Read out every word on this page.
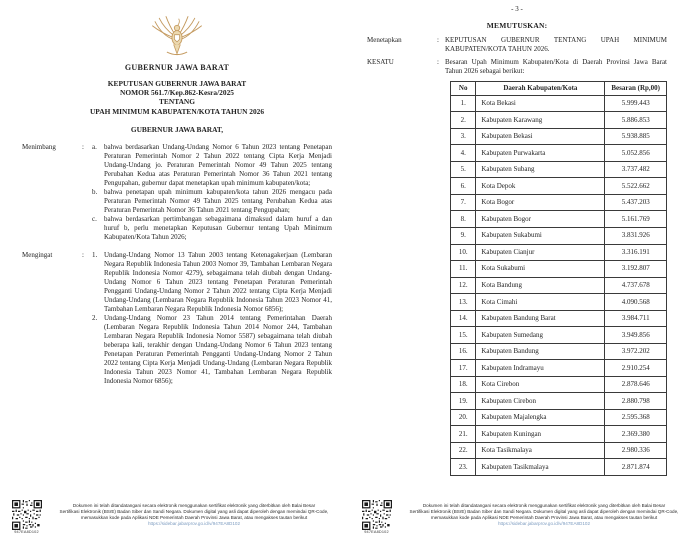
GUBERNUR JAWA BARAT
KEPUTUSAN GUBERNUR JAWA BARAT
NOMOR 561.7/Kep.862-Kesra/2025
TENTANG
UPAH MINIMUM KABUPATEN/KOTA TAHUN 2026
GUBERNUR JAWA BARAT,
Menimbang	:	a.	bahwa berdasarkan Undang-Undang Nomor 6 Tahun 2023 tentang Penetapan Peraturan Pemerintah Nomor 2 Tahun 2022 tentang Cipta Kerja Menjadi Undang-Undang jo. Peraturan Pemerintah Nomor 49 Tahun 2025 tentang Perubahan Kedua atas Peraturan Pemerintah Nomor 36 Tahun 2021 tentang Pengupahan, gubernur dapat menetapkan upah minimum kabupaten/kota;
b. bahwa penetapan upah minimum kabupaten/kota tahun 2026 mengacu pada Peraturan Pemerintah Nomor 49 Tahun 2025 tentang Perubahan Kedua atas Peraturan Pemerintah Nomor 36 Tahun 2021 tentang Pengupahan;
c.	bahwa berdasarkan pertimbangan sebagaimana dimaksud dalam huruf a dan huruf b, perlu menetapkan Keputusan Gubernur tentang Upah Minimum Kabupaten/Kota Tahun 2026;
Mengingat	:	1. Undang-Undang Nomor 13 Tahun 2003 tentang Ketenagakerjaan (Lembaran Negara Republik Indonesia Tahun 2003 Nomor 39, Tambahan Lembaran Negara Republik Indonesia Nomor 4279), sebagaimana telah diubah dengan Undang-Undang Nomor 6 Tahun 2023 tentang Penetapan Peraturan Pemerintah Pengganti Undang-Undang Nomor 2 Tahun 2022 tentang Cipta Kerja Menjadi Undang-Undang (Lembaran Negara Republik Indonesia Tahun 2023 Nomor 41, Tambahan Lembaran Negara Republik Indonesia Nomor 6856);
2. Undang-Undang Nomor 23 Tahun 2014 tentang Pemerintahan Daerah (Lembaran Negara Republik Indonesia Tahun 2014 Nomor 244, Tambahan Lembaran Negara Republik Indonesia Nomor 5587) sebagaimana telah diubah beberapa kali, terakhir dengan Undang-Undang Nomor 6 Tahun 2023 tentang Penetapan Peraturan Pemerintah Pengganti Undang-Undang Nomor 2 Tahun 2022 tentang Cipta Kerja Menjadi Undang-Undang (Lembaran Negara Republik Indonesia Tahun 2023 Nomor 41, Tambahan Lembaran Negara Republik Indonesia Nomor 6856);
947EA8D102
Dokumen ini telah ditandatangani secara elektronik menggunakan sertifikat elektronik yang diterbitkan oleh Balai Besar
Sertifikasi Elektronik (BSrE) Badan Siber dan Sandi Negara. Dokumen digital yang asli dapat diperoleh dengan memindai QR-Code,
memasukkan kode pada Aplikasi NDE Pemerintah Daerah Provinsi Jawa Barat, atau mengakses tautan berikut
https://sidebar.jabarprov.go.id/v/947EA8D102
- 3 -
MEMUTUSKAN:
Menetapkan	: KEPUTUSAN GUBERNUR TENTANG UPAH MINIMUM KABUPATEN/KOTA TAHUN 2026.
KESATU	: Besaran Upah Minimum Kabupaten/Kota di Daerah Provinsi Jawa Barat Tahun 2026 sebagai berikut:
No	Daerah Kabupaten/Kota	Besaran (Rp,00)
1.	Kota Bekasi	5.999.443
2.	Kabupaten Karawang	5.886.853
3.	Kabupaten Bekasi	5.938.885
4.	Kabupaten Purwakarta	5.052.856
5.	Kabupaten Subang	3.737.482
6.	Kota Depok	5.522.662
7.	Kota Bogor	5.437.203
8.	Kabupaten Bogor	5.161.769
9.	Kabupaten Sukabumi	3.831.926
10.	Kabupaten Cianjur	3.316.191
11.	Kota Sukabumi	3.192.807
12.	Kota Bandung	4.737.678
13.	Kota Cimahi	4.090.568
14.	Kabupaten Bandung Barat	3.984.711
15.	Kabupaten Sumedang	3.949.856
16.	Kabupaten Bandung	3.972.202
17.	Kabupaten Indramayu	2.910.254
18.	Kota Cirebon	2.878.646
19.	Kabupaten Cirebon	2.880.798
20.	Kabupaten Majalengka	2.595.368
21.	Kabupaten Kuningan	2.369.380
22.	Kota Tasikmalaya	2.980.336
23.	Kabupaten Tasikmalaya	2.871.874
947EA8D102
Dokumen ini telah ditandatangani secara elektronik menggunakan sertifikat elektronik yang diterbitkan oleh Balai Besar
Sertifikasi Elektronik (BSrE) Badan Siber dan Sandi Negara. Dokumen digital yang asli dapat diperoleh dengan memindai QR-Code,
memasukkan kode pada Aplikasi NDE Pemerintah Daerah Provinsi Jawa Barat, atau mengakses tautan berikut
https://sidebar.jabarprov.go.id/v/947EA8D102
